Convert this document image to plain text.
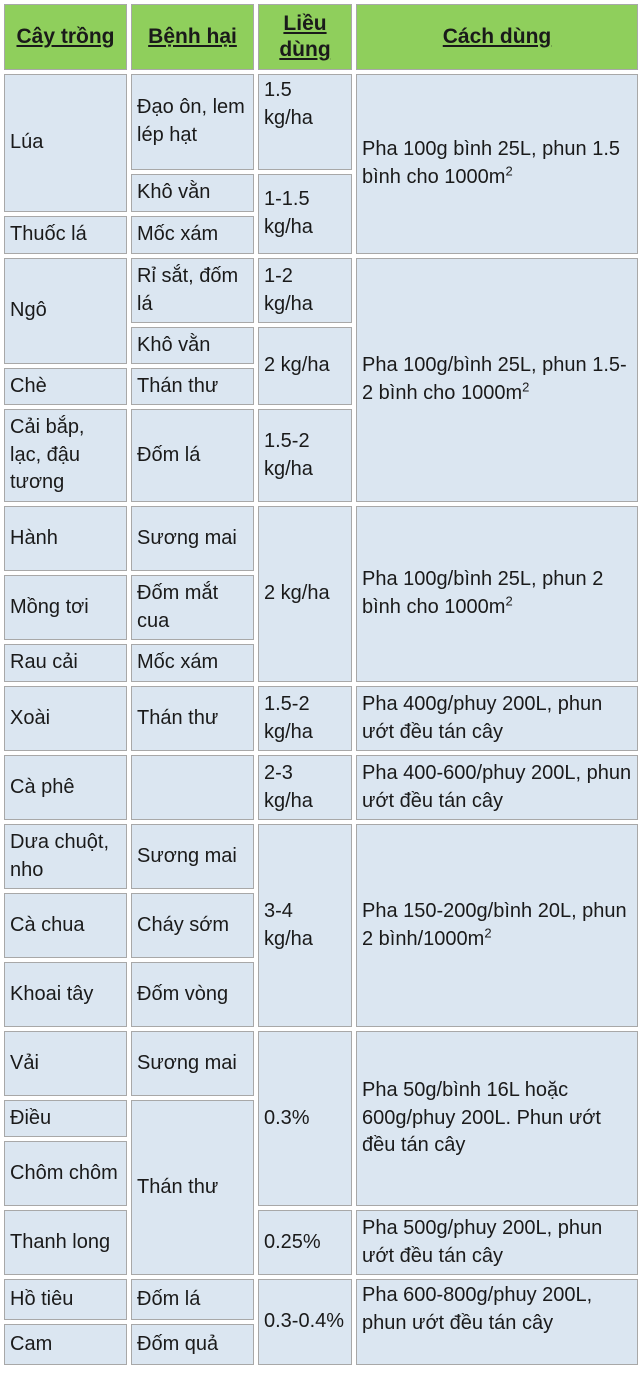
Cây trồng	Bệnh hại	Liều dùng	Cách dùng
Lúa	Đạo ôn, lem lép hạt	1.5 kg/ha	Pha 100g bình 25L, phun 1.5 bình cho $1000m^2$
	Khô vằn	1-1.5 kg/ha	
Thuốc lá	Mốc xám		
Ngô	Rỉ sắt, đốm lá	1-2 kg/ha	Pha 100g/bình 25L, phun 1.5-2 bình cho $1000m^2$
	Khô vằn	2 kg/ha	
Chè	Thán thư		
Cải bắp, lạc, đậu tương	Đốm lá	1.5-2 kg/ha	
Hành	Sương mai	2 kg/ha	Pha 100g/bình 25L, phun 2 bình cho $1000m^2$
Mồng tơi	Đốm mắt cua		
Rau cải	Mốc xám		
Xoài	Thán thư	1.5-2 kg/ha	Pha 400g/phuy 200L, phun ướt đều tán cây
Cà phê		2-3 kg/ha	Pha 400-600/phuy 200L, phun ướt đều tán cây
Dưa chuột, nho	Sương mai	3-4 kg/ha	Pha 150-200g/bình 20L, phun 2 bình/$1000m^2$
Cà chua	Cháy sớm		
Khoai tây	Đốm vòng		
Vải	Sương mai	0.3%	Pha 50g/bình 16L hoặc 600g/phuy 200L. Phun ướt đều tán cây
Điều	Thán thư		
Chôm chôm			
Thanh long		0.25%	Pha 500g/phuy 200L, phun ướt đều tán cây
Hồ tiêu	Đốm lá	0.3-0.4%	Pha 600-800g/phuy 200L, phun ướt đều tán cây
Cam	Đốm quả		
